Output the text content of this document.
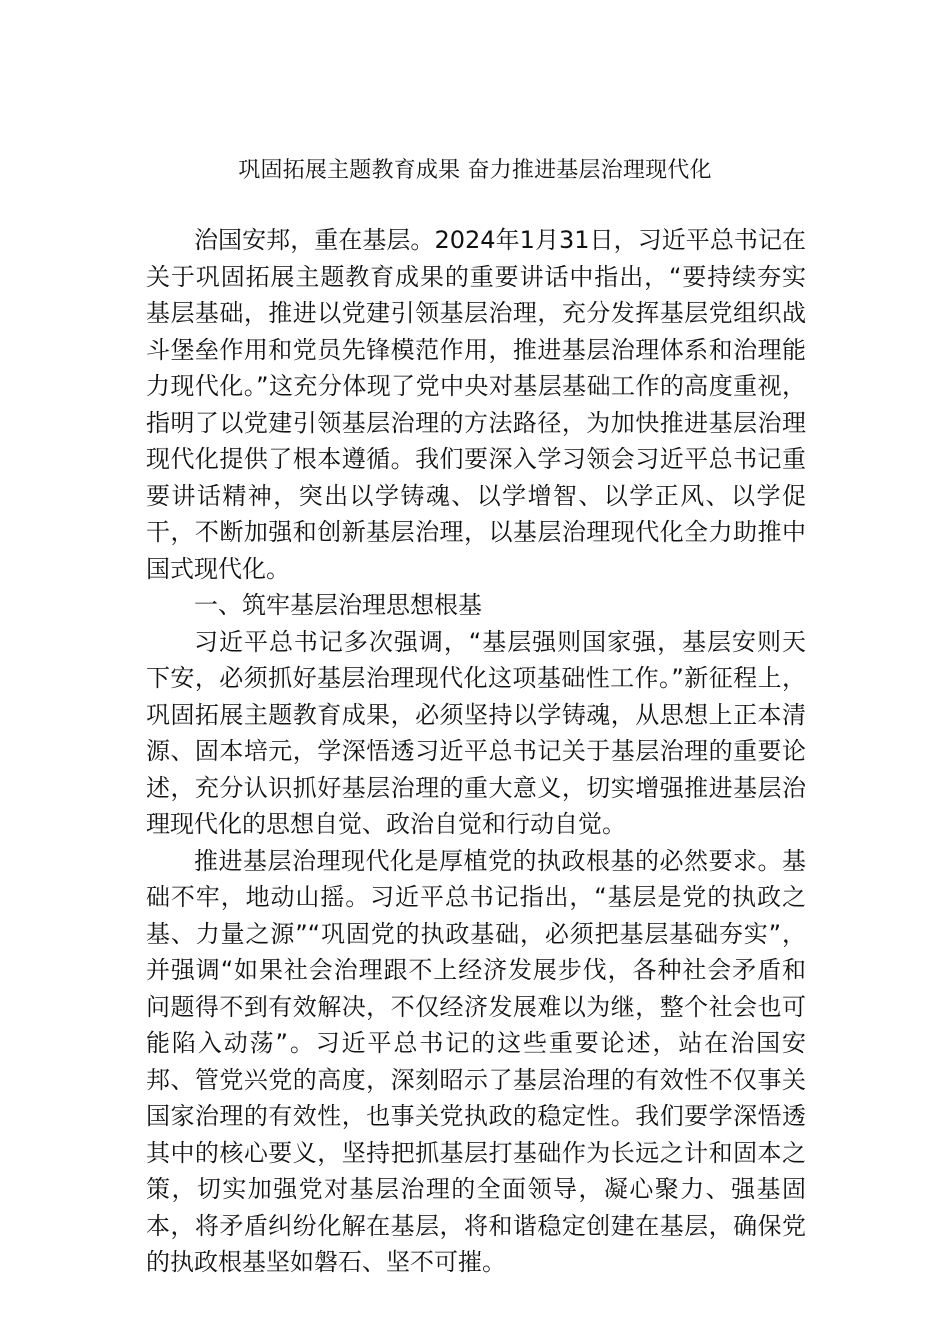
巩固拓展主题教育成果 奋力推进基层治理现代化

治国安邦，重在基层。2024年1月31日，习近平总书记在关于巩固拓展主题教育成果的重要讲话中指出，“要持续夯实基层基础，推进以党建引领基层治理，充分发挥基层党组织战斗堡垒作用和党员先锋模范作用，推进基层治理体系和治理能力现代化。”这充分体现了党中央对基层基础工作的高度重视，指明了以党建引领基层治理的方法路径，为加快推进基层治理现代化提供了根本遵循。我们要深入学习领会习近平总书记重要讲话精神，突出以学铸魂、以学增智、以学正风、以学促干，不断加强和创新基层治理，以基层治理现代化全力助推中国式现代化。

一、筑牢基层治理思想根基

习近平总书记多次强调，“基层强则国家强，基层安则天下安，必须抓好基层治理现代化这项基础性工作。”新征程上，巩固拓展主题教育成果，必须坚持以学铸魂，从思想上正本清源、固本培元，学深悟透习近平总书记关于基层治理的重要论述，充分认识抓好基层治理的重大意义，切实增强推进基层治理现代化的思想自觉、政治自觉和行动自觉。

推进基层治理现代化是厚植党的执政根基的必然要求。基础不牢，地动山摇。习近平总书记指出，“基层是党的执政之基、力量之源”“巩固党的执政基础，必须把基层基础夯实”，并强调“如果社会治理跟不上经济发展步伐，各种社会矛盾和问题得不到有效解决，不仅经济发展难以为继，整个社会也可能陷入动荡”。习近平总书记的这些重要论述，站在治国安邦、管党兴党的高度，深刻昭示了基层治理的有效性不仅事关国家治理的有效性，也事关党执政的稳定性。我们要学深悟透其中的核心要义，坚持把抓基层打基础作为长远之计和固本之策，切实加强党对基层治理的全面领导，凝心聚力、强基固本，将矛盾纠纷化解在基层，将和谐稳定创建在基层，确保党的执政根基坚如磐石、坚不可摧。
